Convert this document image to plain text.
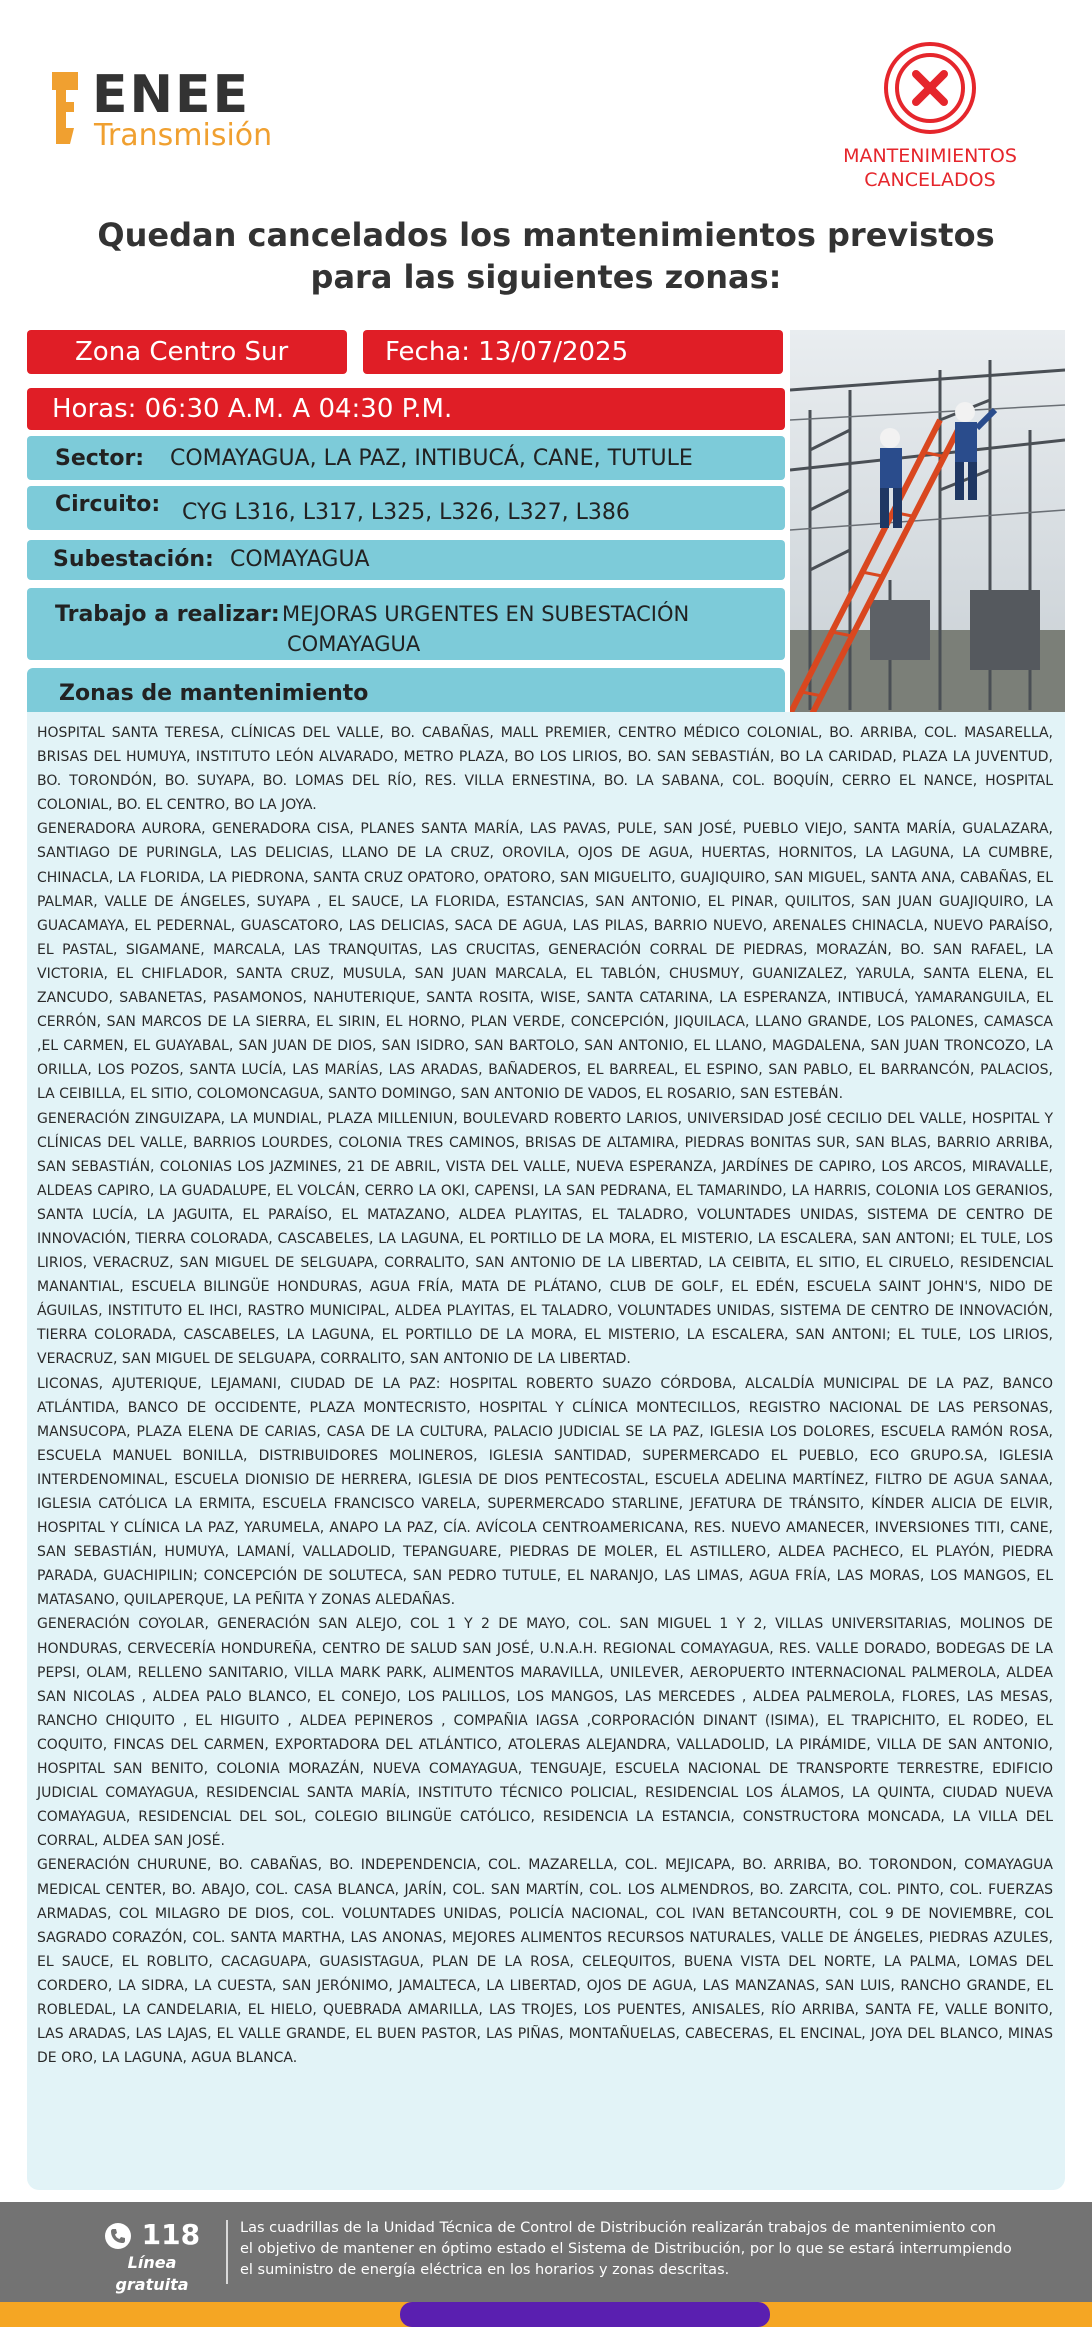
ENEE
Transmisión
MANTENIMIENTOS
CANCELADOS
Quedan cancelados los mantenimientos previstos
para las siguientes zonas:
Zona Centro Sur	Fecha: 13/07/2025
Horas: 06:30 A.M. A 04:30 P.M.
Sector: COMAYAGUA, LA PAZ, INTIBUCÁ, CANE, TUTULE
Circuito: CYG L316, L317, L325, L326, L327, L386
Subestación: COMAYAGUA
Trabajo a realizar: MEJORAS URGENTES EN SUBESTACIÓN
COMAYAGUA
Zonas de mantenimiento

HOSPITAL SANTA TERESA, CLÍNICAS DEL VALLE, BO. CABAÑAS, MALL PREMIER, CENTRO MÉDICO COLONIAL, BO. ARRIBA, COL. MASARELLA, BRISAS DEL HUMUYA, INSTITUTO LEÓN ALVARADO, METRO PLAZA, BO LOS LIRIOS, BO. SAN SEBASTIÁN, BO LA CARIDAD, PLAZA LA JUVENTUD, BO. TORONDÓN, BO. SUYAPA, BO. LOMAS DEL RÍO, RES. VILLA ERNESTINA, BO. LA SABANA, COL. BOQUÍN, CERRO EL NANCE, HOSPITAL COLONIAL, BO. EL CENTRO, BO LA JOYA.

GENERADORA AURORA, GENERADORA CISA, PLANES SANTA MARÍA, LAS PAVAS, PULE, SAN JOSÉ, PUEBLO VIEJO, SANTA MARÍA, GUALAZARA, SANTIAGO DE PURINGLA, LAS DELICIAS, LLANO DE LA CRUZ, OROVILA, OJOS DE AGUA, HUERTAS, HORNITOS, LA LAGUNA, LA CUMBRE, CHINACLA, LA FLORIDA, LA PIEDRONA, SANTA CRUZ OPATORO, OPATORO, SAN MIGUELITO, GUAJIQUIRO, SAN MIGUEL, SANTA ANA, CABAÑAS, EL PALMAR, VALLE DE ÁNGELES, SUYAPA , EL SAUCE, LA FLORIDA, ESTANCIAS, SAN ANTONIO, EL PINAR, QUILITOS, SAN JUAN GUAJIQUIRO, LA GUACAMAYA, EL PEDERNAL, GUASCATORO, LAS DELICIAS, SACA DE AGUA, LAS PILAS, BARRIO NUEVO, ARENALES CHINACLA, NUEVO PARAÍSO, EL PASTAL, SIGAMANE, MARCALA, LAS TRANQUITAS, LAS CRUCITAS, GENERACIÓN CORRAL DE PIEDRAS, MORAZÁN, BO. SAN RAFAEL, LA VICTORIA, EL CHIFLADOR, SANTA CRUZ, MUSULA, SAN JUAN MARCALA, EL TABLÓN, CHUSMUY, GUANIZALEZ, YARULA, SANTA ELENA, EL ZANCUDO, SABANETAS, PASAMONOS, NAHUTERIQUE, SANTA ROSITA, WISE, SANTA CATARINA, LA ESPERANZA, INTIBUCÁ, YAMARANGUILA, EL CERRÓN, SAN MARCOS DE LA SIERRA, EL SIRIN, EL HORNO, PLAN VERDE, CONCEPCIÓN, JIQUILACA, LLANO GRANDE, LOS PALONES, CAMASCA ,EL CARMEN, EL GUAYABAL, SAN JUAN DE DIOS, SAN ISIDRO, SAN BARTOLO, SAN ANTONIO, EL LLANO, MAGDALENA, SAN JUAN TRONCOZO, LA ORILLA, LOS POZOS, SANTA LUCÍA, LAS MARÍAS, LAS ARADAS, BAÑADEROS, EL BARREAL, EL ESPINO, SAN PABLO, EL BARRANCÓN, PALACIOS, LA CEIBILLA, EL SITIO, COLOMONCAGUA, SANTO DOMINGO, SAN ANTONIO DE VADOS, EL ROSARIO, SAN ESTEBÁN.

GENERACIÓN ZINGUIZAPA, LA MUNDIAL, PLAZA MILLENIUN, BOULEVARD ROBERTO LARIOS, UNIVERSIDAD JOSÉ CECILIO DEL VALLE, HOSPITAL Y CLÍNICAS DEL VALLE, BARRIOS LOURDES, COLONIA TRES CAMINOS, BRISAS DE ALTAMIRA, PIEDRAS BONITAS SUR, SAN BLAS, BARRIO ARRIBA, SAN SEBASTIÁN, COLONIAS LOS JAZMINES, 21 DE ABRIL, VISTA DEL VALLE, NUEVA ESPERANZA, JARDÍNES DE CAPIRO, LOS ARCOS, MIRAVALLE, ALDEAS CAPIRO, LA GUADALUPE, EL VOLCÁN, CERRO LA OKI, CAPENSI, LA SAN PEDRANA, EL TAMARINDO, LA HARRIS, COLONIA LOS GERANIOS, SANTA LUCÍA, LA JAGUITA, EL PARAÍSO, EL MATAZANO, ALDEA PLAYITAS, EL TALADRO, VOLUNTADES UNIDAS, SISTEMA DE CENTRO DE INNOVACIÓN, TIERRA COLORADA, CASCABELES, LA LAGUNA, EL PORTILLO DE LA MORA, EL MISTERIO, LA ESCALERA, SAN ANTONI; EL TULE, LOS LIRIOS, VERACRUZ, SAN MIGUEL DE SELGUAPA, CORRALITO, SAN ANTONIO DE LA LIBERTAD, LA CEIBITA, EL SITIO, EL CIRUELO, RESIDENCIAL MANANTIAL, ESCUELA BILINGÜE HONDURAS, AGUA FRÍA, MATA DE PLÁTANO, CLUB DE GOLF, EL EDÉN, ESCUELA SAINT JOHN'S, NIDO DE ÁGUILAS, INSTITUTO EL IHCI, RASTRO MUNICIPAL, ALDEA PLAYITAS, EL TALADRO, VOLUNTADES UNIDAS, SISTEMA DE CENTRO DE INNOVACIÓN, TIERRA COLORADA, CASCABELES, LA LAGUNA, EL PORTILLO DE LA MORA, EL MISTERIO, LA ESCALERA, SAN ANTONI; EL TULE, LOS LIRIOS, VERACRUZ, SAN MIGUEL DE SELGUAPA, CORRALITO, SAN ANTONIO DE LA LIBERTAD.

LICONAS, AJUTERIQUE, LEJAMANI, CIUDAD DE LA PAZ: HOSPITAL ROBERTO SUAZO CÓRDOBA, ALCALDÍA MUNICIPAL DE LA PAZ, BANCO ATLÁNTIDA, BANCO DE OCCIDENTE, PLAZA MONTECRISTO, HOSPITAL Y CLÍNICA MONTECILLOS, REGISTRO NACIONAL DE LAS PERSONAS, MANSUCOPA, PLAZA ELENA DE CARIAS, CASA DE LA CULTURA, PALACIO JUDICIAL SE LA PAZ, IGLESIA LOS DOLORES, ESCUELA RAMÓN ROSA, ESCUELA MANUEL BONILLA, DISTRIBUIDORES MOLINEROS, IGLESIA SANTIDAD, SUPERMERCADO EL PUEBLO, ECO GRUPO.SA, IGLESIA INTERDENOMINAL, ESCUELA DIONISIO DE HERRERA, IGLESIA DE DIOS PENTECOSTAL, ESCUELA ADELINA MARTÍNEZ, FILTRO DE AGUA SANAA, IGLESIA CATÓLICA LA ERMITA, ESCUELA FRANCISCO VARELA, SUPERMERCADO STARLINE, JEFATURA DE TRÁNSITO, KÍNDER ALICIA DE ELVIR, HOSPITAL Y CLÍNICA LA PAZ, YARUMELA, ANAPO LA PAZ, CÍA. AVÍCOLA CENTROAMERICANA, RES. NUEVO AMANECER, INVERSIONES TITI, CANE, SAN SEBASTIÁN, HUMUYA, LAMANÍ, VALLADOLID, TEPANGUARE, PIEDRAS DE MOLER, EL ASTILLERO, ALDEA PACHECO, EL PLAYÓN, PIEDRA PARADA, GUACHIPILIN; CONCEPCIÓN DE SOLUTECA, SAN PEDRO TUTULE, EL NARANJO, LAS LIMAS, AGUA FRÍA, LAS MORAS, LOS MANGOS, EL MATASANO, QUILAPERQUE, LA PEÑITA Y ZONAS ALEDAÑAS.

GENERACIÓN COYOLAR, GENERACIÓN SAN ALEJO, COL 1 Y 2 DE MAYO, COL. SAN MIGUEL 1 Y 2, VILLAS UNIVERSITARIAS, MOLINOS DE HONDURAS, CERVECERÍA HONDUREÑA, CENTRO DE SALUD SAN JOSÉ, U.N.A.H. REGIONAL COMAYAGUA, RES. VALLE DORADO, BODEGAS DE LA PEPSI, OLAM, RELLENO SANITARIO, VILLA MARK PARK, ALIMENTOS MARAVILLA, UNILEVER, AEROPUERTO INTERNACIONAL PALMEROLA, ALDEA SAN NICOLAS , ALDEA PALO BLANCO, EL CONEJO, LOS PALILLOS, LOS MANGOS, LAS MERCEDES , ALDEA PALMEROLA, FLORES, LAS MESAS, RANCHO CHIQUITO , EL HIGUITO , ALDEA PEPINEROS , COMPAÑIA IAGSA ,CORPORACIÓN DINANT (ISIMA), EL TRAPICHITO, EL RODEO, EL COQUITO, FINCAS DEL CARMEN, EXPORTADORA DEL ATLÁNTICO, ATOLERAS ALEJANDRA, VALLADOLID, LA PIRÁMIDE, VILLA DE SAN ANTONIO, HOSPITAL SAN BENITO, COLONIA MORAZÁN, NUEVA COMAYAGUA, TENGUAJE, ESCUELA NACIONAL DE TRANSPORTE TERRESTRE, EDIFICIO JUDICIAL COMAYAGUA, RESIDENCIAL SANTA MARÍA, INSTITUTO TÉCNICO POLICIAL, RESIDENCIAL LOS ÁLAMOS, LA QUINTA, CIUDAD NUEVA COMAYAGUA, RESIDENCIAL DEL SOL, COLEGIO BILINGÜE CATÓLICO, RESIDENCIA LA ESTANCIA, CONSTRUCTORA MONCADA, LA VILLA DEL CORRAL, ALDEA SAN JOSÉ.

GENERACIÓN CHURUNE, BO. CABAÑAS, BO. INDEPENDENCIA, COL. MAZARELLA, COL. MEJICAPA, BO. ARRIBA, BO. TORONDON, COMAYAGUA MEDICAL CENTER, BO. ABAJO, COL. CASA BLANCA, JARÍN, COL. SAN MARTÍN, COL. LOS ALMENDROS, BO. ZARCITA, COL. PINTO, COL. FUERZAS ARMADAS, COL MILAGRO DE DIOS, COL. VOLUNTADES UNIDAS, POLICÍA NACIONAL, COL IVAN BETANCOURTH, COL 9 DE NOVIEMBRE, COL SAGRADO CORAZÓN, COL. SANTA MARTHA, LAS ANONAS, MEJORES ALIMENTOS RECURSOS NATURALES, VALLE DE ÁNGELES, PIEDRAS AZULES, EL SAUCE, EL ROBLITO, CACAGUAPA, GUASISTAGUA, PLAN DE LA ROSA, CELEQUITOS, BUENA VISTA DEL NORTE, LA PALMA, LOMAS DEL CORDERO, LA SIDRA, LA CUESTA, SAN JERÓNIMO, JAMALTECA, LA LIBERTAD, OJOS DE AGUA, LAS MANZANAS, SAN LUIS, RANCHO GRANDE, EL ROBLEDAL, LA CANDELARIA, EL HIELO, QUEBRADA AMARILLA, LAS TROJES, LOS PUENTES, ANISALES, RÍO ARRIBA, SANTA FE, VALLE BONITO, LAS ARADAS, LAS LAJAS, EL VALLE GRANDE, EL BUEN PASTOR, LAS PIÑAS, MONTAÑUELAS, CABECERAS, EL ENCINAL, JOYA DEL BLANCO, MINAS DE ORO, LA LAGUNA, AGUA BLANCA.

118
Línea gratuita
Las cuadrillas de la Unidad Técnica de Control de Distribución realizarán trabajos de mantenimiento con
el objetivo de mantener en óptimo estado el Sistema de Distribución, por lo que se estará interrumpiendo
el suministro de energía eléctrica en los horarios y zonas descritas.
